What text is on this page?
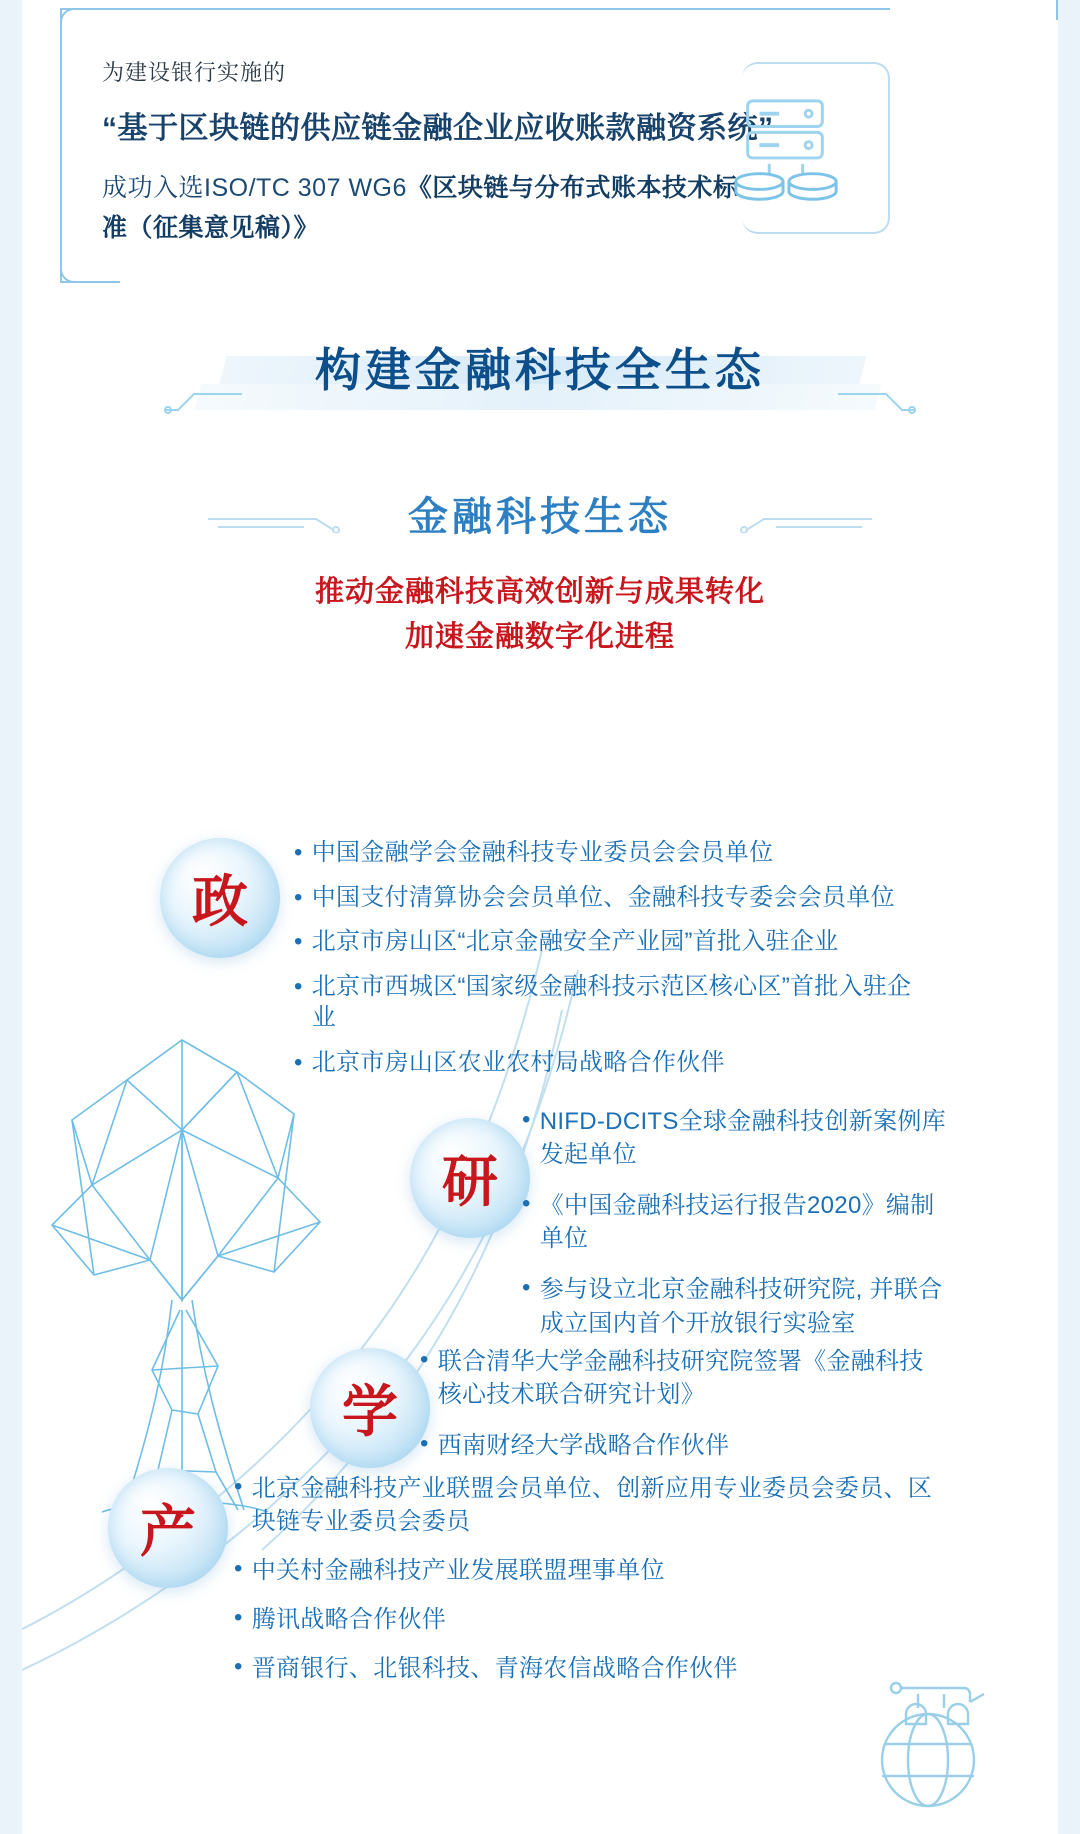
为建设银行实施的
“基于区块链的供应链金融企业应收账款融资系统”
成功入选ISO/TC 307 WG6《区块链与分布式账本技术标准（征集意见稿）》
构建金融科技全生态
金融科技生态
推动金融科技高效创新与成果转化
加速金融数字化进程
政
• 中国金融学会金融科技专业委员会会员单位
• 中国支付清算协会会员单位、金融科技专委会会员单位
• 北京市房山区“北京金融安全产业园”首批入驻企业
• 北京市西城区“国家级金融科技示范区核心区”首批入驻企业
• 北京市房山区农业农村局战略合作伙伴
研
• NIFD-DCITS全球金融科技创新案例库发起单位
• 《中国金融科技运行报告2020》编制单位
• 参与设立北京金融科技研究院, 并联合成立国内首个开放银行实验室
学
• 联合清华大学金融科技研究院签署《金融科技核心技术联合研究计划》
• 西南财经大学战略合作伙伴
产
• 北京金融科技产业联盟会员单位、创新应用专业委员会委员、区块链专业委员会委员
• 中关村金融科技产业发展联盟理事单位
• 腾讯战略合作伙伴
• 晋商银行、北银科技、青海农信战略合作伙伴
